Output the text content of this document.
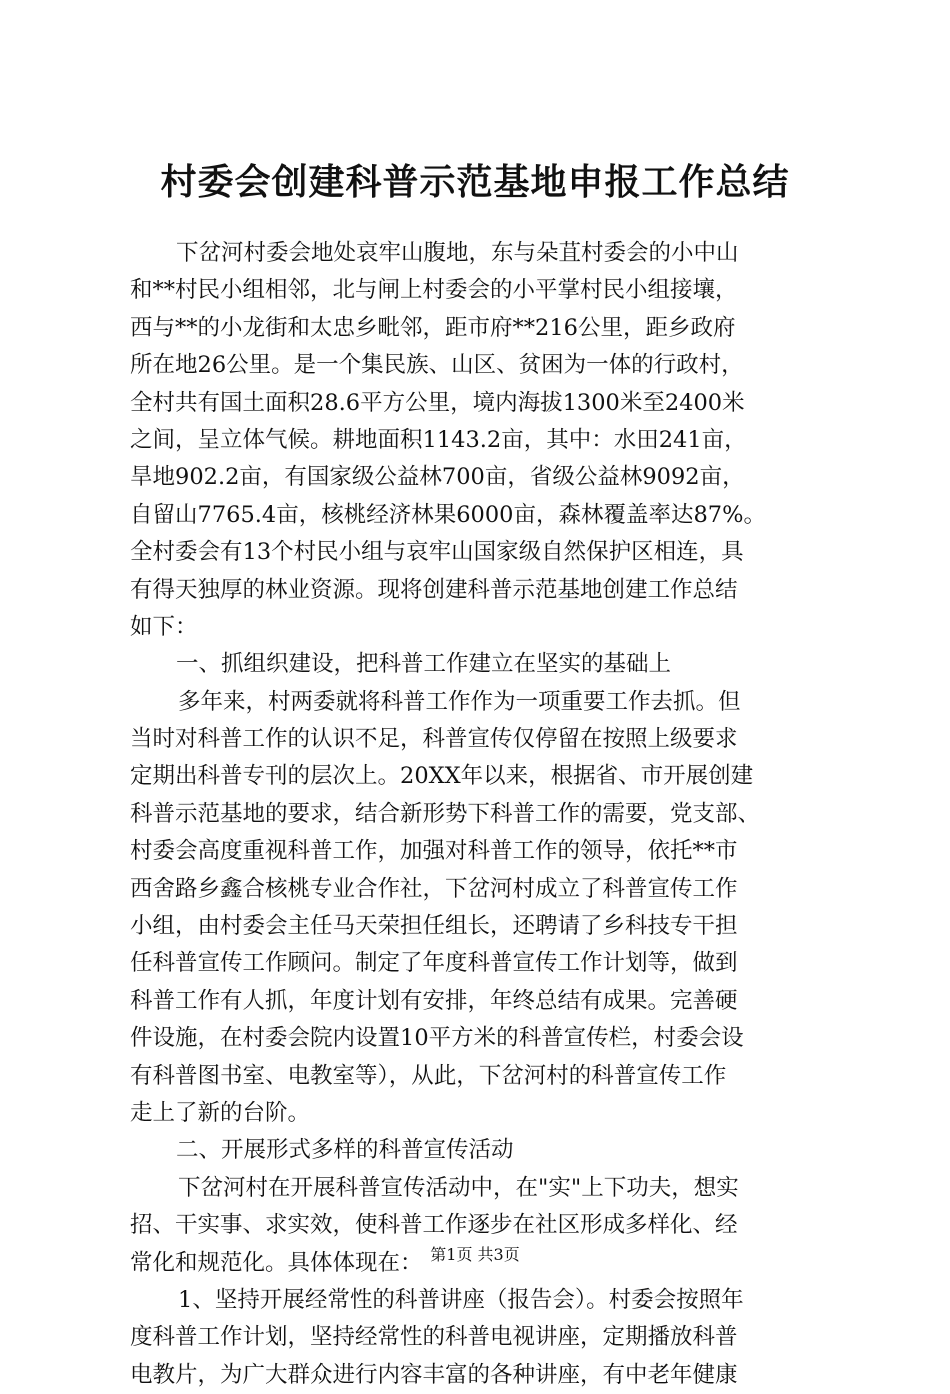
村委会创建科普示范基地申报工作总结
下岔河村委会地处哀牢山腹地，东与朵苴村委会的小中山
和**村民小组相邻，北与闸上村委会的小平掌村民小组接壤，
西与**的小龙街和太忠乡毗邻，距市府**216公里，距乡政府
所在地26公里。是一个集民族、山区、贫困为一体的行政村，
全村共有国土面积28.6平方公里，境内海拔1300米至2400米
之间，呈立体气候。耕地面积1143.2亩，其中：水田241亩，
旱地902.2亩，有国家级公益林700亩，省级公益林9092亩，
自留山7765.4亩，核桃经济林果6000亩，森林覆盖率达87%。
全村委会有13个村民小组与哀牢山国家级自然保护区相连，具
有得天独厚的林业资源。现将创建科普示范基地创建工作总结
如下：
一、抓组织建设，把科普工作建立在坚实的基础上
多年来，村两委就将科普工作作为一项重要工作去抓。但
当时对科普工作的认识不足，科普宣传仅停留在按照上级要求
定期出科普专刊的层次上。20XX年以来，根据省、市开展创建
科普示范基地的要求，结合新形势下科普工作的需要，党支部、
村委会高度重视科普工作，加强对科普工作的领导，依托**市
西舍路乡鑫合核桃专业合作社，下岔河村成立了科普宣传工作
小组，由村委会主任马天荣担任组长，还聘请了乡科技专干担
任科普宣传工作顾问。制定了年度科普宣传工作计划等，做到
科普工作有人抓，年度计划有安排，年终总结有成果。完善硬
件设施，在村委会院内设置10平方米的科普宣传栏，村委会设
有科普图书室、电教室等），从此，下岔河村的科普宣传工作
走上了新的台阶。
二、开展形式多样的科普宣传活动
下岔河村在开展科普宣传活动中，在"实"上下功夫，想实
招、干实事、求实效，使科普工作逐步在社区形成多样化、经
常化和规范化。具体体现在：
1、坚持开展经常性的科普讲座（报告会）。村委会按照年
度科普工作计划，坚持经常性的科普电视讲座，定期播放科普
电教片，为广大群众进行内容丰富的各种讲座，有中老年健康
第1页 共3页
